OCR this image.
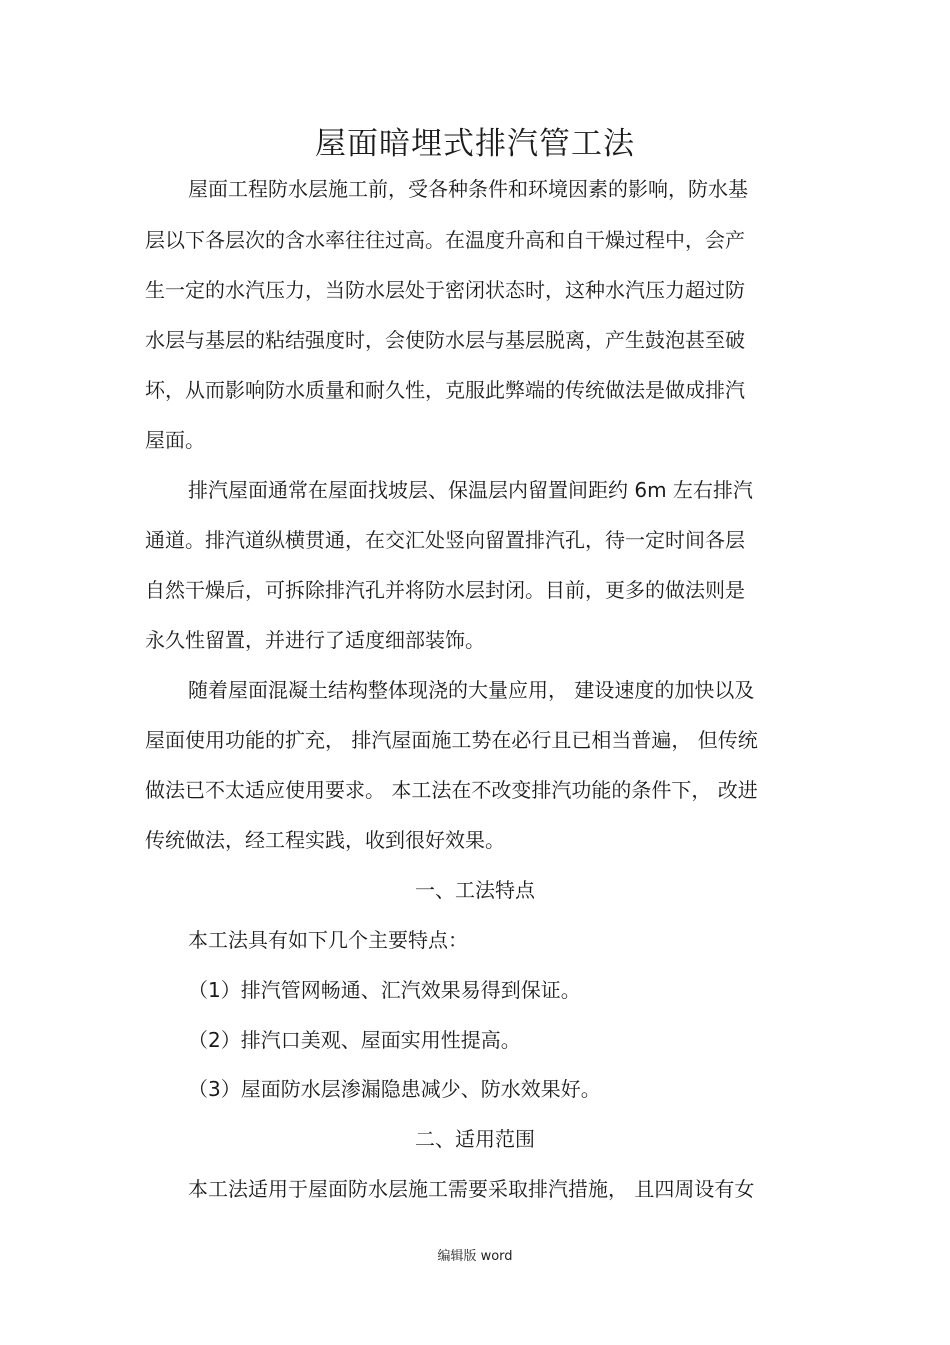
屋面暗埋式排汽管工法
屋面工程防水层施工前，受各种条件和环境因素的影响，防水基
层以下各层次的含水率往往过高。在温度升高和自干燥过程中，会产
生一定的水汽压力，当防水层处于密闭状态时，这种水汽压力超过防
水层与基层的粘结强度时，会使防水层与基层脱离，产生鼓泡甚至破
坏，从而影响防水质量和耐久性，克服此弊端的传统做法是做成排汽
屋面。
排汽屋面通常在屋面找坡层、保温层内留置间距约 6m 左右排汽
通道。排汽道纵横贯通，在交汇处竖向留置排汽孔，待一定时间各层
自然干燥后，可拆除排汽孔并将防水层封闭。目前，更多的做法则是
永久性留置，并进行了适度细部装饰。
随着屋面混凝土结构整体现浇的大量应用， 建设速度的加快以及
屋面使用功能的扩充， 排汽屋面施工势在必行且已相当普遍， 但传统
做法已不太适应使用要求。 本工法在不改变排汽功能的条件下， 改进
传统做法，经工程实践，收到很好效果。
一、工法特点
本工法具有如下几个主要特点：
（1）排汽管网畅通、汇汽效果易得到保证。
（2）排汽口美观、屋面实用性提高。
（3）屋面防水层渗漏隐患减少、防水效果好。
二、适用范围
本工法适用于屋面防水层施工需要采取排汽措施， 且四周设有女
编辑版 word
